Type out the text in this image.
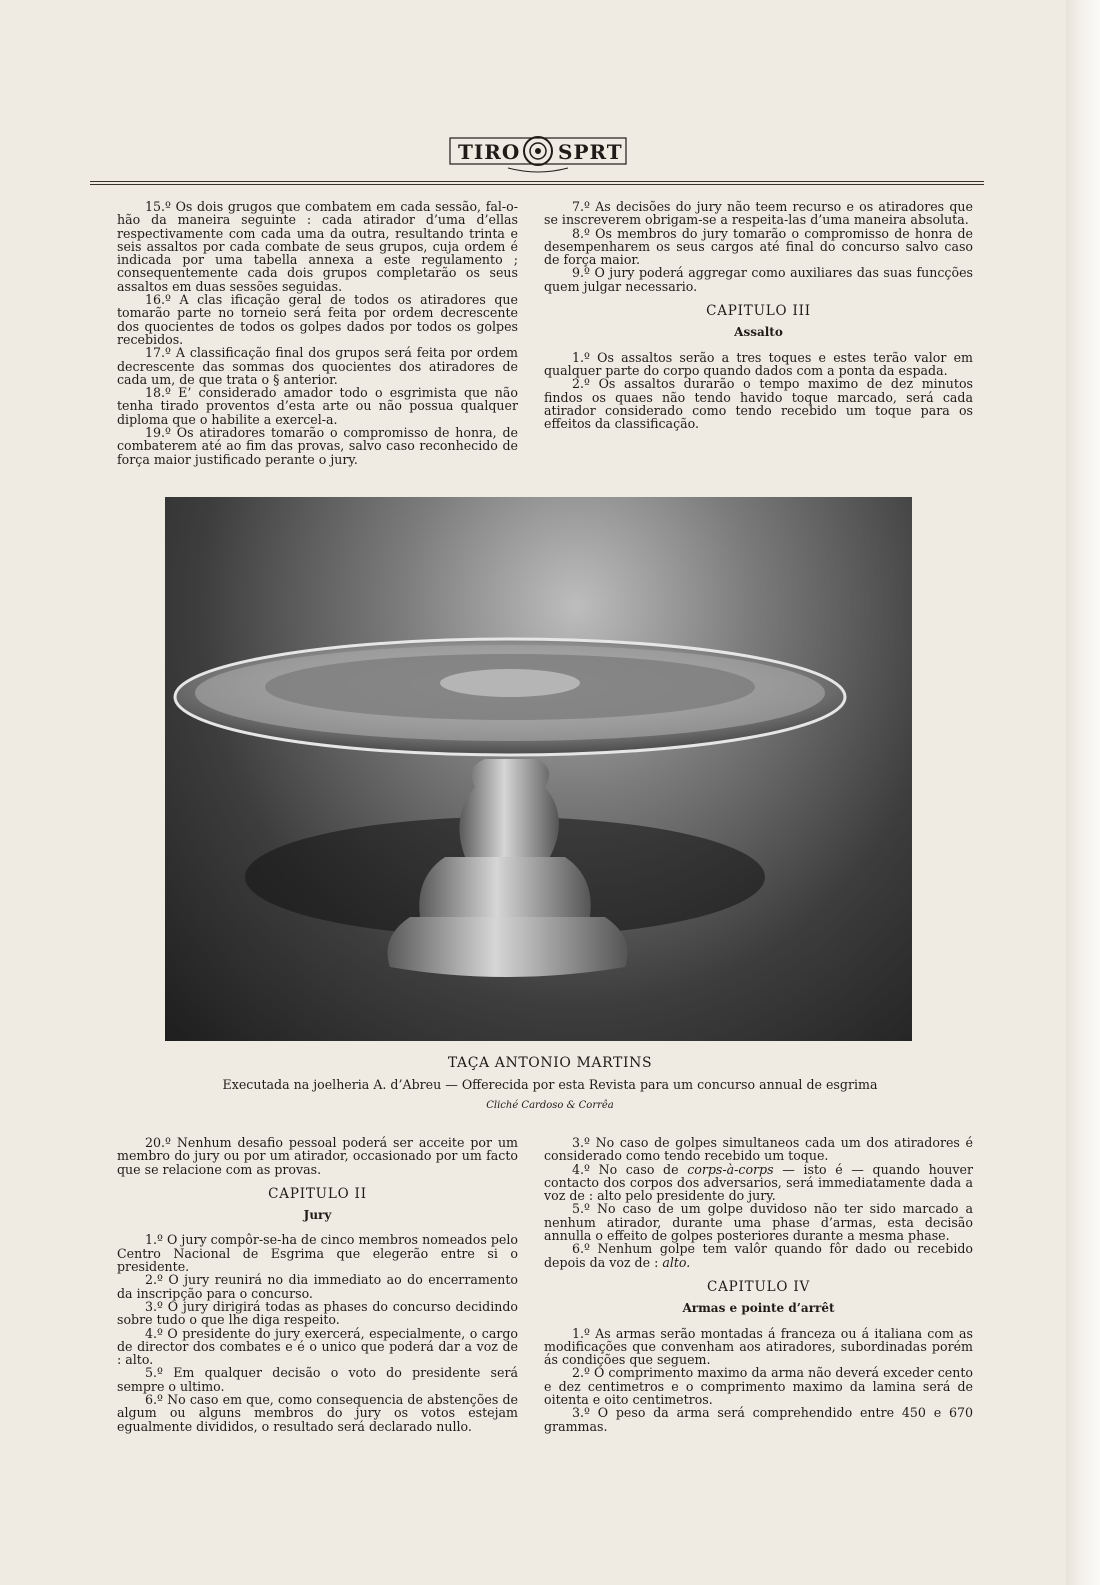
TIRO SPRT

15.º Os dois grugos que combatem em cada sessão, fal-o-hão da maneira seguinte : cada atirador d’uma d’ellas respectivamente com cada uma da outra, resultando trinta e seis assaltos por cada combate de seus grupos, cuja ordem é indicada por uma tabella annexa a este regulamento ; consequentemente cada dois grupos completarão os seus assaltos em duas sessões seguidas.

16.º A clas ificação geral de todos os atiradores que tomarão parte no torneio será feita por ordem decrescente dos quocientes de todos os golpes dados por todos os golpes recebidos.

17.º A classificação final dos grupos será feita por ordem decrescente das sommas dos quocientes dos atiradores de cada um, de que trata o § anterior.

18.º E’ considerado amador todo o esgrimista que não tenha tirado proventos d’esta arte ou não possua qualquer diploma que o habilite a exercel-a.

19.º Os atiradores tomarão o compromisso de honra, de combaterem até ao fim das provas, salvo caso reconhecido de força maior justificado perante o jury.

7.º As decisões do jury não teem recurso e os atiradores que se inscreverem obrigam-se a respeita-las d’uma maneira absoluta.

8.º Os membros do jury tomarão o compromisso de honra de desempenharem os seus cargos até final do concurso salvo caso de força maior.

9.º O jury poderá aggregar como auxiliares das suas funcções quem julgar necessario.

CAPITULO III

Assalto

1.º Os assaltos serão a tres toques e estes terão valor em qualquer parte do corpo quando dados com a ponta da espada.

2.º Os assaltos durarão o tempo maximo de dez minutos findos os quaes não tendo havido toque marcado, será cada atirador considerado como tendo recebido um toque para os effeitos da classificação.

TAÇA ANTONIO MARTINS
Executada na joelheria A. d’Abreu — Offerecida por esta Revista para um concurso annual de esgrima
Cliché Cardoso & Corrêa

20.º Nenhum desafio pessoal poderá ser acceite por um membro do jury ou por um atirador, occasionado por um facto que se relacione com as provas.

CAPITULO II

Jury

1.º O jury compôr-se-ha de cinco membros nomeados pelo Centro Nacional de Esgrima que elegerão entre si o presidente.

2.º O jury reunirá no dia immediato ao do encerramento da inscripção para o concurso.

3.º O jury dirigirá todas as phases do concurso decidindo sobre tudo o que lhe diga respeito.

4.º O presidente do jury exercerá, especialmente, o cargo de director dos combates e é o unico que poderá dar a voz de : alto.

5.º Em qualquer decisão o voto do presidente será sempre o ultimo.

6.º No caso em que, como consequencia de abstenções de algum ou alguns membros do jury os votos estejam egualmente divididos, o resultado será declarado nullo.

3.º No caso de golpes simultaneos cada um dos atiradores é considerado como tendo recebido um toque.

4.º No caso de corps-à-corps — isto é — quando houver contacto dos corpos dos adversarios, será immediatamente dada a voz de : alto pelo presidente do jury.

5.º No caso de um golpe duvidoso não ter sido marcado a nenhum atirador, durante uma phase d’armas, esta decisão annulla o effeito de golpes posteriores durante a mesma phase.

6.º Nenhum golpe tem valôr quando fôr dado ou recebido depois da voz de : alto.

CAPITULO IV

Armas e pointe d’arrêt

1.º As armas serão montadas á franceza ou á italiana com as modificações que convenham aos atiradores, subordinadas porém ás condições que seguem.

2.º O comprimento maximo da arma não deverá exceder cento e dez centimetros e o comprimento maximo da lamina será de oitenta e oito centimetros.

3.º O peso da arma será comprehendido entre 450 e 670 grammas.
